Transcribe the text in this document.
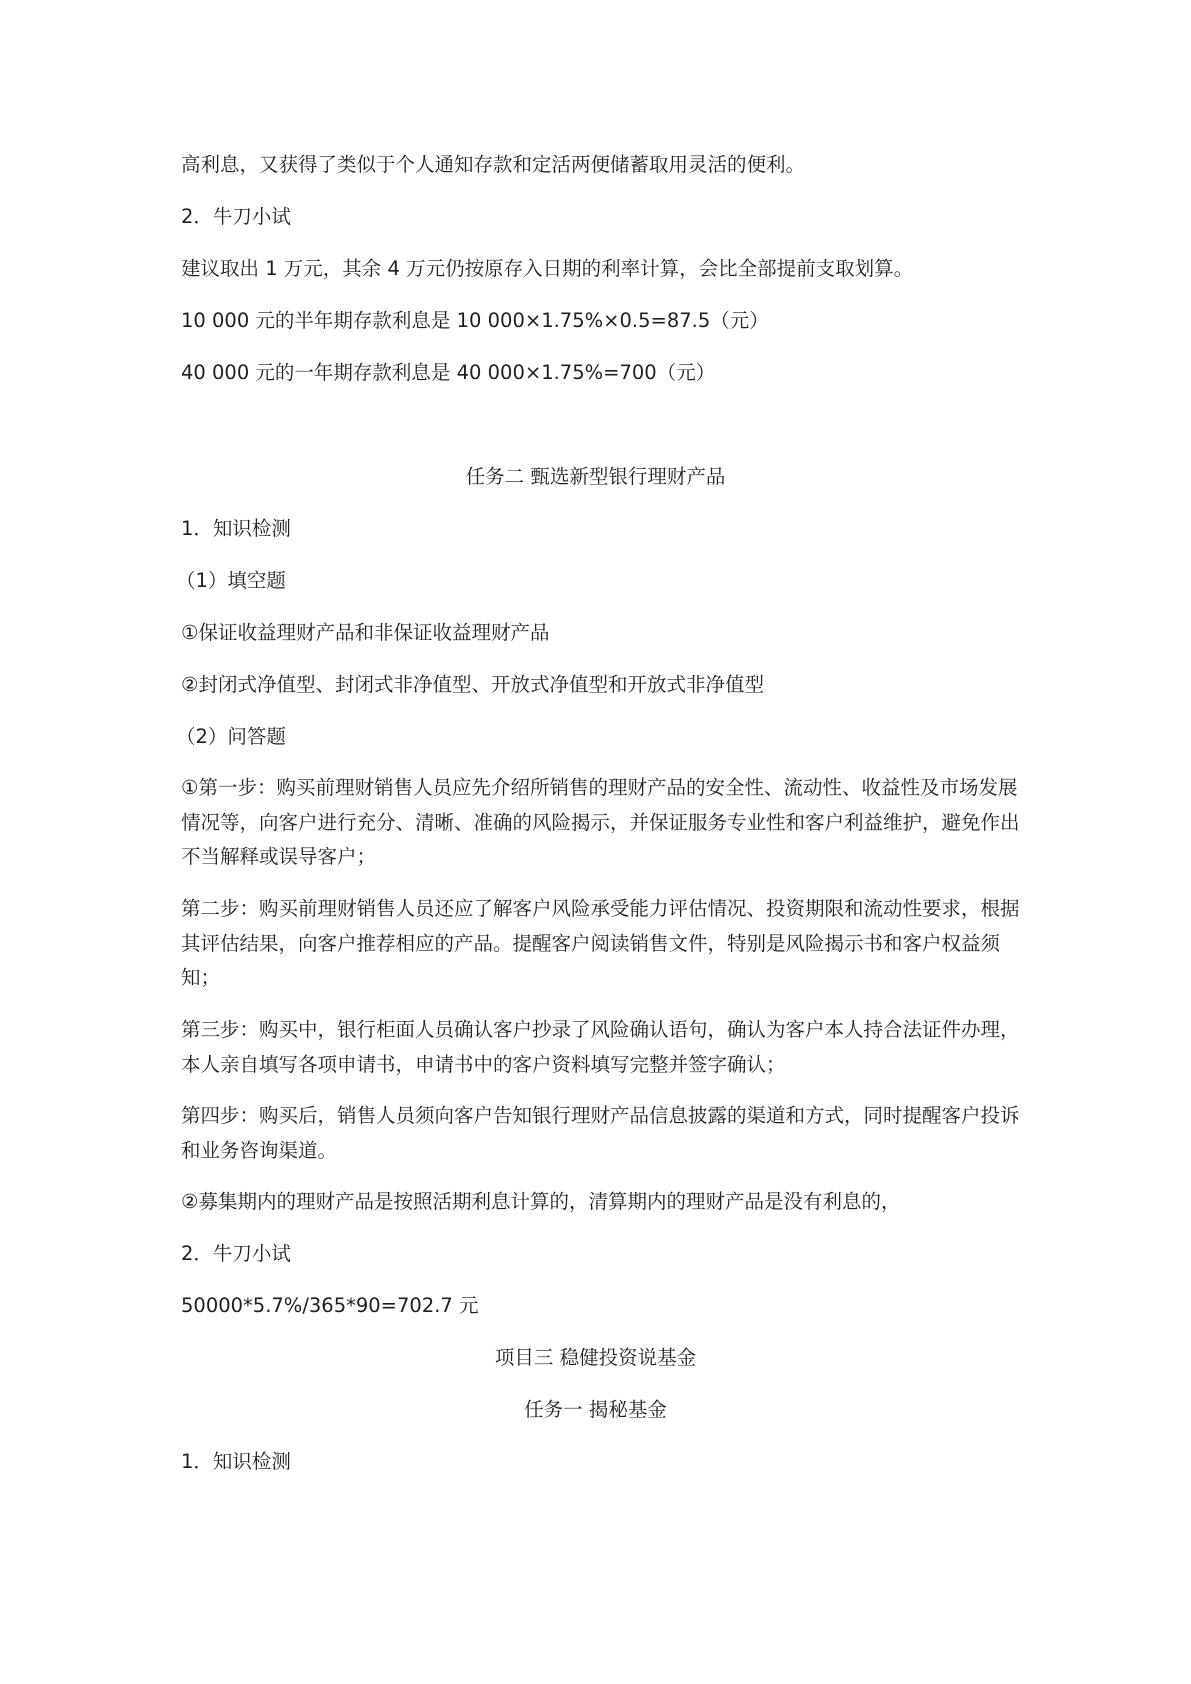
高利息，又获得了类似于个人通知存款和定活两便储蓄取用灵活的便利。
2．牛刀小试
建议取出 1 万元，其余 4 万元仍按原存入日期的利率计算，会比全部提前支取划算。
10 000 元的半年期存款利息是 10 000×1.75%×0.5=87.5（元）
40 000 元的一年期存款利息是 40 000×1.75%=700（元）
任务二 甄选新型银行理财产品
1．知识检测
（1）填空题
①保证收益理财产品和非保证收益理财产品
②封闭式净值型、封闭式非净值型、开放式净值型和开放式非净值型
（2）问答题
①第一步：购买前理财销售人员应先介绍所销售的理财产品的安全性、流动性、收益性及市场发展情况等，向客户进行充分、清晰、准确的风险揭示，并保证服务专业性和客户利益维护，避免作出不当解释或误导客户；
第二步：购买前理财销售人员还应了解客户风险承受能力评估情况、投资期限和流动性要求，根据其评估结果，向客户推荐相应的产品。提醒客户阅读销售文件，特别是风险揭示书和客户权益须知；
第三步：购买中，银行柜面人员确认客户抄录了风险确认语句，确认为客户本人持合法证件办理，本人亲自填写各项申请书，申请书中的客户资料填写完整并签字确认；
第四步：购买后，销售人员须向客户告知银行理财产品信息披露的渠道和方式，同时提醒客户投诉和业务咨询渠道。
②募集期内的理财产品是按照活期利息计算的，清算期内的理财产品是没有利息的，
2．牛刀小试
50000*5.7%/365*90=702.7 元
项目三 稳健投资说基金
任务一 揭秘基金
1．知识检测
